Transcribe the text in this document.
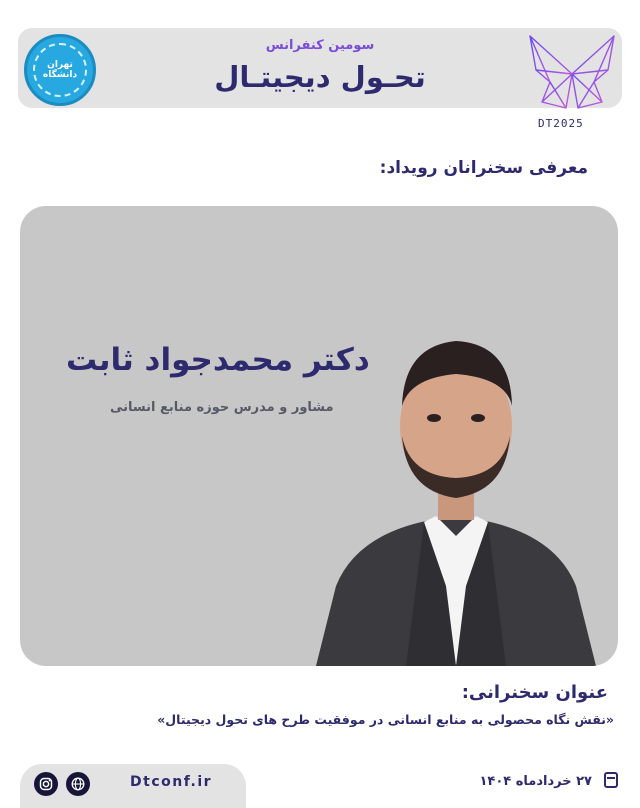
سومین کنفرانس
تحـول دیجیتـال
تهران
دانشگاه
DT2025
معرفی سخنرانان رویداد:
دکتر محمدجواد ثابت
مشاور و مدرس حوزه منابع انسانی
عنوان سخنرانی:
«نقش نگاه محصولی به منابع انسانی در موفقیت طرح های تحول دیجیتال»
Dtconf.ir	۲۷ خردادماه ۱۴۰۴
